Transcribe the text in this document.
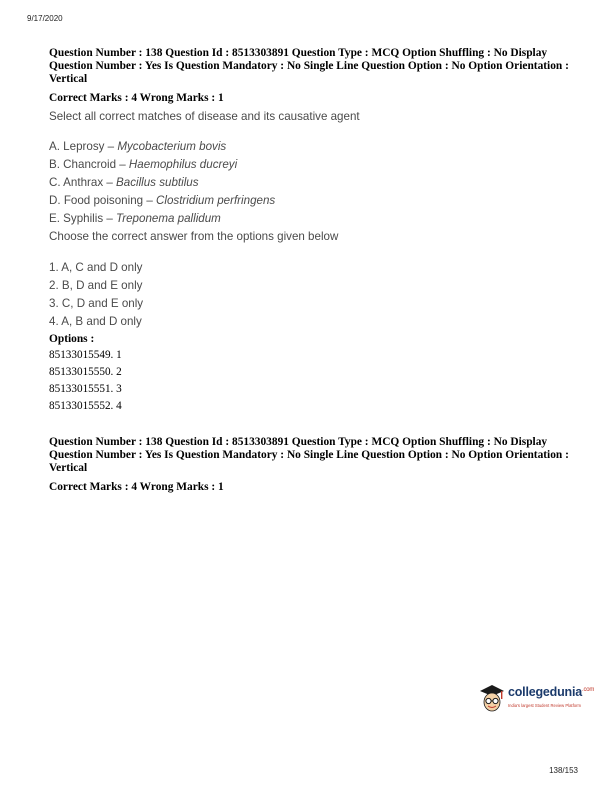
9/17/2020
Question Number : 138 Question Id : 8513303891 Question Type : MCQ Option Shuffling : No Display Question Number : Yes Is Question Mandatory : No Single Line Question Option : No Option Orientation : Vertical
Correct Marks : 4 Wrong Marks : 1
Select all correct matches of disease and its causative agent
A. Leprosy – Mycobacterium bovis
B. Chancroid – Haemophilus ducreyi
C. Anthrax – Bacillus subtilus
D. Food poisoning – Clostridium perfringens
E. Syphilis – Treponema pallidum
Choose the correct answer from the options given below
1. A, C and D only
2. B, D and E only
3. C, D and E only
4. A, B and D only
Options :
85133015549. 1
85133015550. 2
85133015551. 3
85133015552. 4
Question Number : 138 Question Id : 8513303891 Question Type : MCQ Option Shuffling : No Display Question Number : Yes Is Question Mandatory : No Single Line Question Option : No Option Orientation : Vertical
Correct Marks : 4 Wrong Marks : 1
collegedunia$^{.com}$
India's largest Student Review Platform
138/153
